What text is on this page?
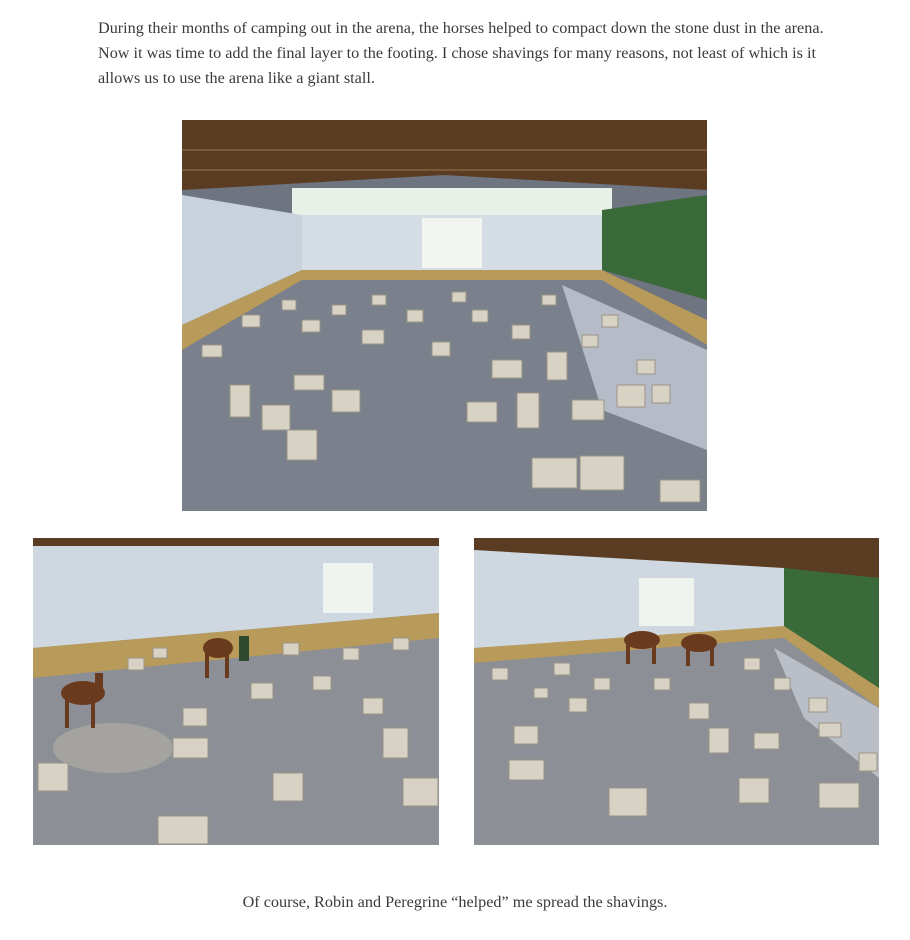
During their months of camping out in the arena, the horses helped to compact down the stone dust in the arena. Now it was time to add the final layer to the footing. I chose shavings for many reasons, not least of which is it allows us to use the arena like a giant stall.

Of course, Robin and Peregrine “helped” me spread the shavings.
